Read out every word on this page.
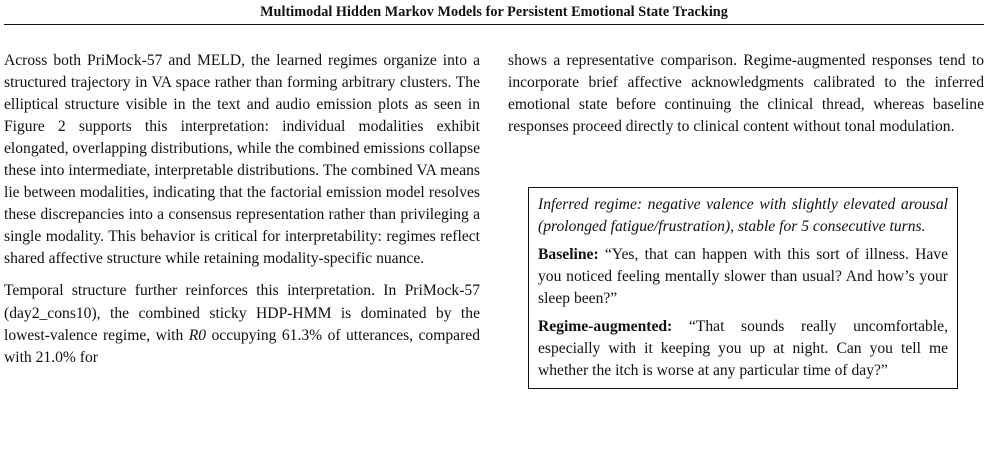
Multimodal Hidden Markov Models for Persistent Emotional State Tracking

Across both PriMock-57 and MELD, the learned regimes organize into a structured trajectory in VA space rather than forming arbitrary clusters. The elliptical structure visible in the text and audio emission plots as seen in Figure 2 supports this interpretation: individual modalities exhibit elongated, overlapping distributions, while the combined emissions collapse these into intermediate, interpretable distributions. The combined VA means lie between modalities, indicating that the factorial emission model resolves these discrepancies into a consensus representation rather than privileging a single modality. This behavior is critical for interpretability: regimes reflect shared affective structure while retaining modality-specific nuance.

Temporal structure further reinforces this interpretation. In PriMock-57 (day2_cons10), the combined sticky HDP-HMM is dominated by the lowest-valence regime, with R0 occupying 61.3% of utterances, compared with 21.0% for

shows a representative comparison. Regime-augmented responses tend to incorporate brief affective acknowledgments calibrated to the inferred emotional state before continuing the clinical thread, whereas baseline responses proceed directly to clinical content without tonal modulation.

Inferred regime: negative valence with slightly elevated arousal (prolonged fatigue/frustration), stable for 5 consecutive turns.

Baseline: “Yes, that can happen with this sort of illness. Have you noticed feeling mentally slower than usual? And how’s your sleep been?”

Regime-augmented: “That sounds really uncomfortable, especially with it keeping you up at night. Can you tell me whether the itch is worse at any particular time of day?”
